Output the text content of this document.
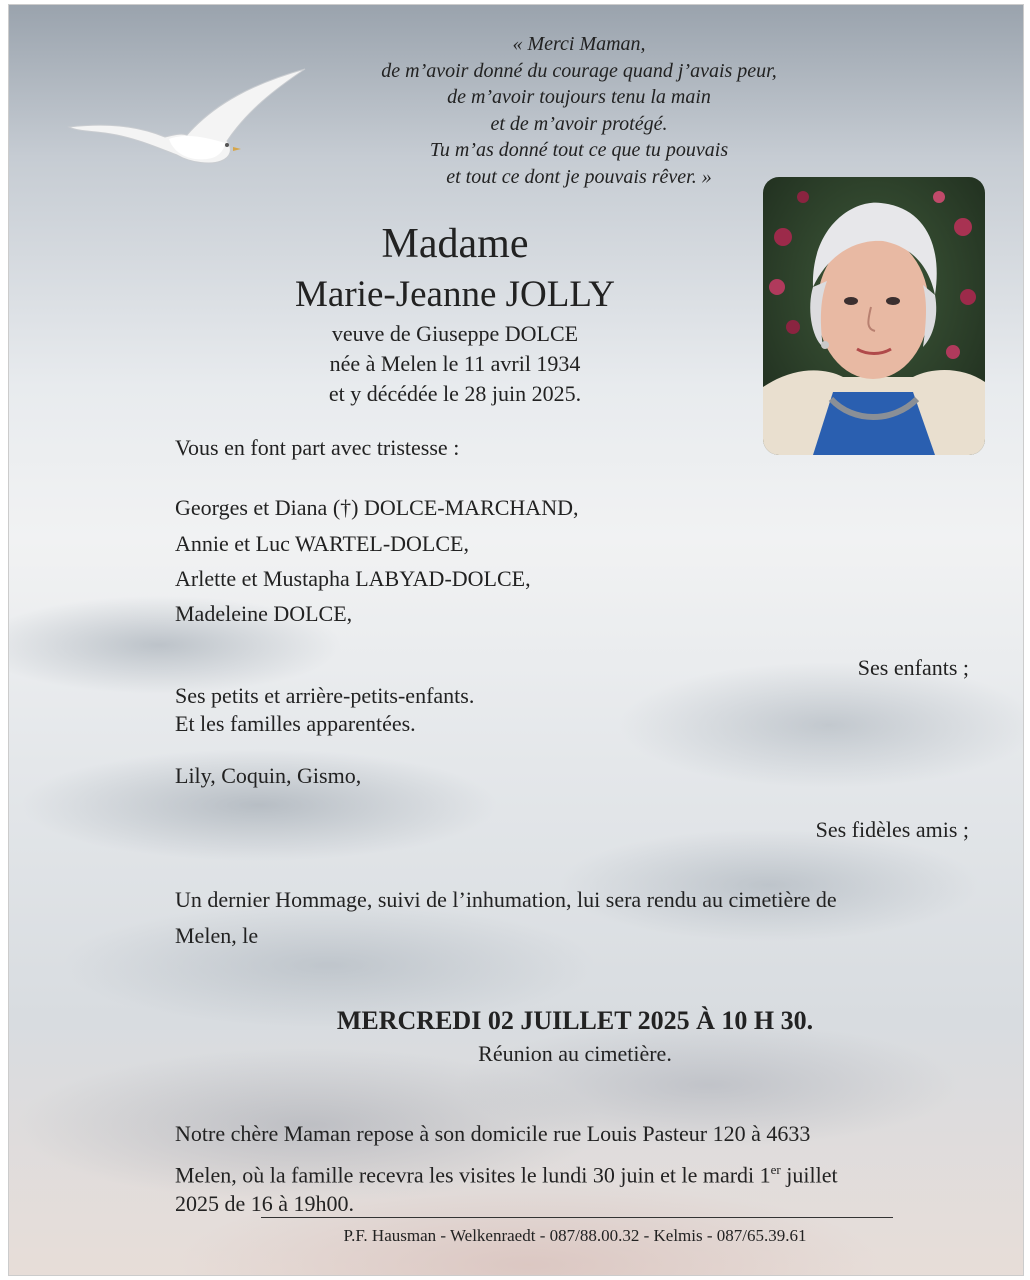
« Merci Maman,
de m’avoir donné du courage quand j’avais peur,
de m’avoir toujours tenu la main
et de m’avoir protégé.
Tu m’as donné tout ce que tu pouvais
et tout ce dont je pouvais rêver. »
Madame
Marie-Jeanne JOLLY
veuve de Giuseppe DOLCE
née à Melen le 11 avril 1934
et y décédée le 28 juin 2025.
Vous en font part avec tristesse :
Georges et Diana (†) DOLCE-MARCHAND,
Annie et Luc WARTEL-DOLCE,
Arlette et Mustapha LABYAD-DOLCE,
Madeleine DOLCE,
Ses enfants ;
Ses petits et arrière-petits-enfants.
Et les familles apparentées.
Lily, Coquin, Gismo,
Ses fidèles amis ;
Un dernier Hommage, suivi de l’inhumation, lui sera rendu au cimetière de
Melen, le
MERCREDI 02 JUILLET 2025 À 10 H 30.
Réunion au cimetière.
Notre chère Maman repose à son domicile rue Louis Pasteur 120 à 4633
Melen, où la famille recevra les visites le lundi 30 juin et le mardi 1er juillet
2025 de 16 à 19h00.
P.F. Hausman - Welkenraedt - 087/88.00.32 - Kelmis - 087/65.39.61
